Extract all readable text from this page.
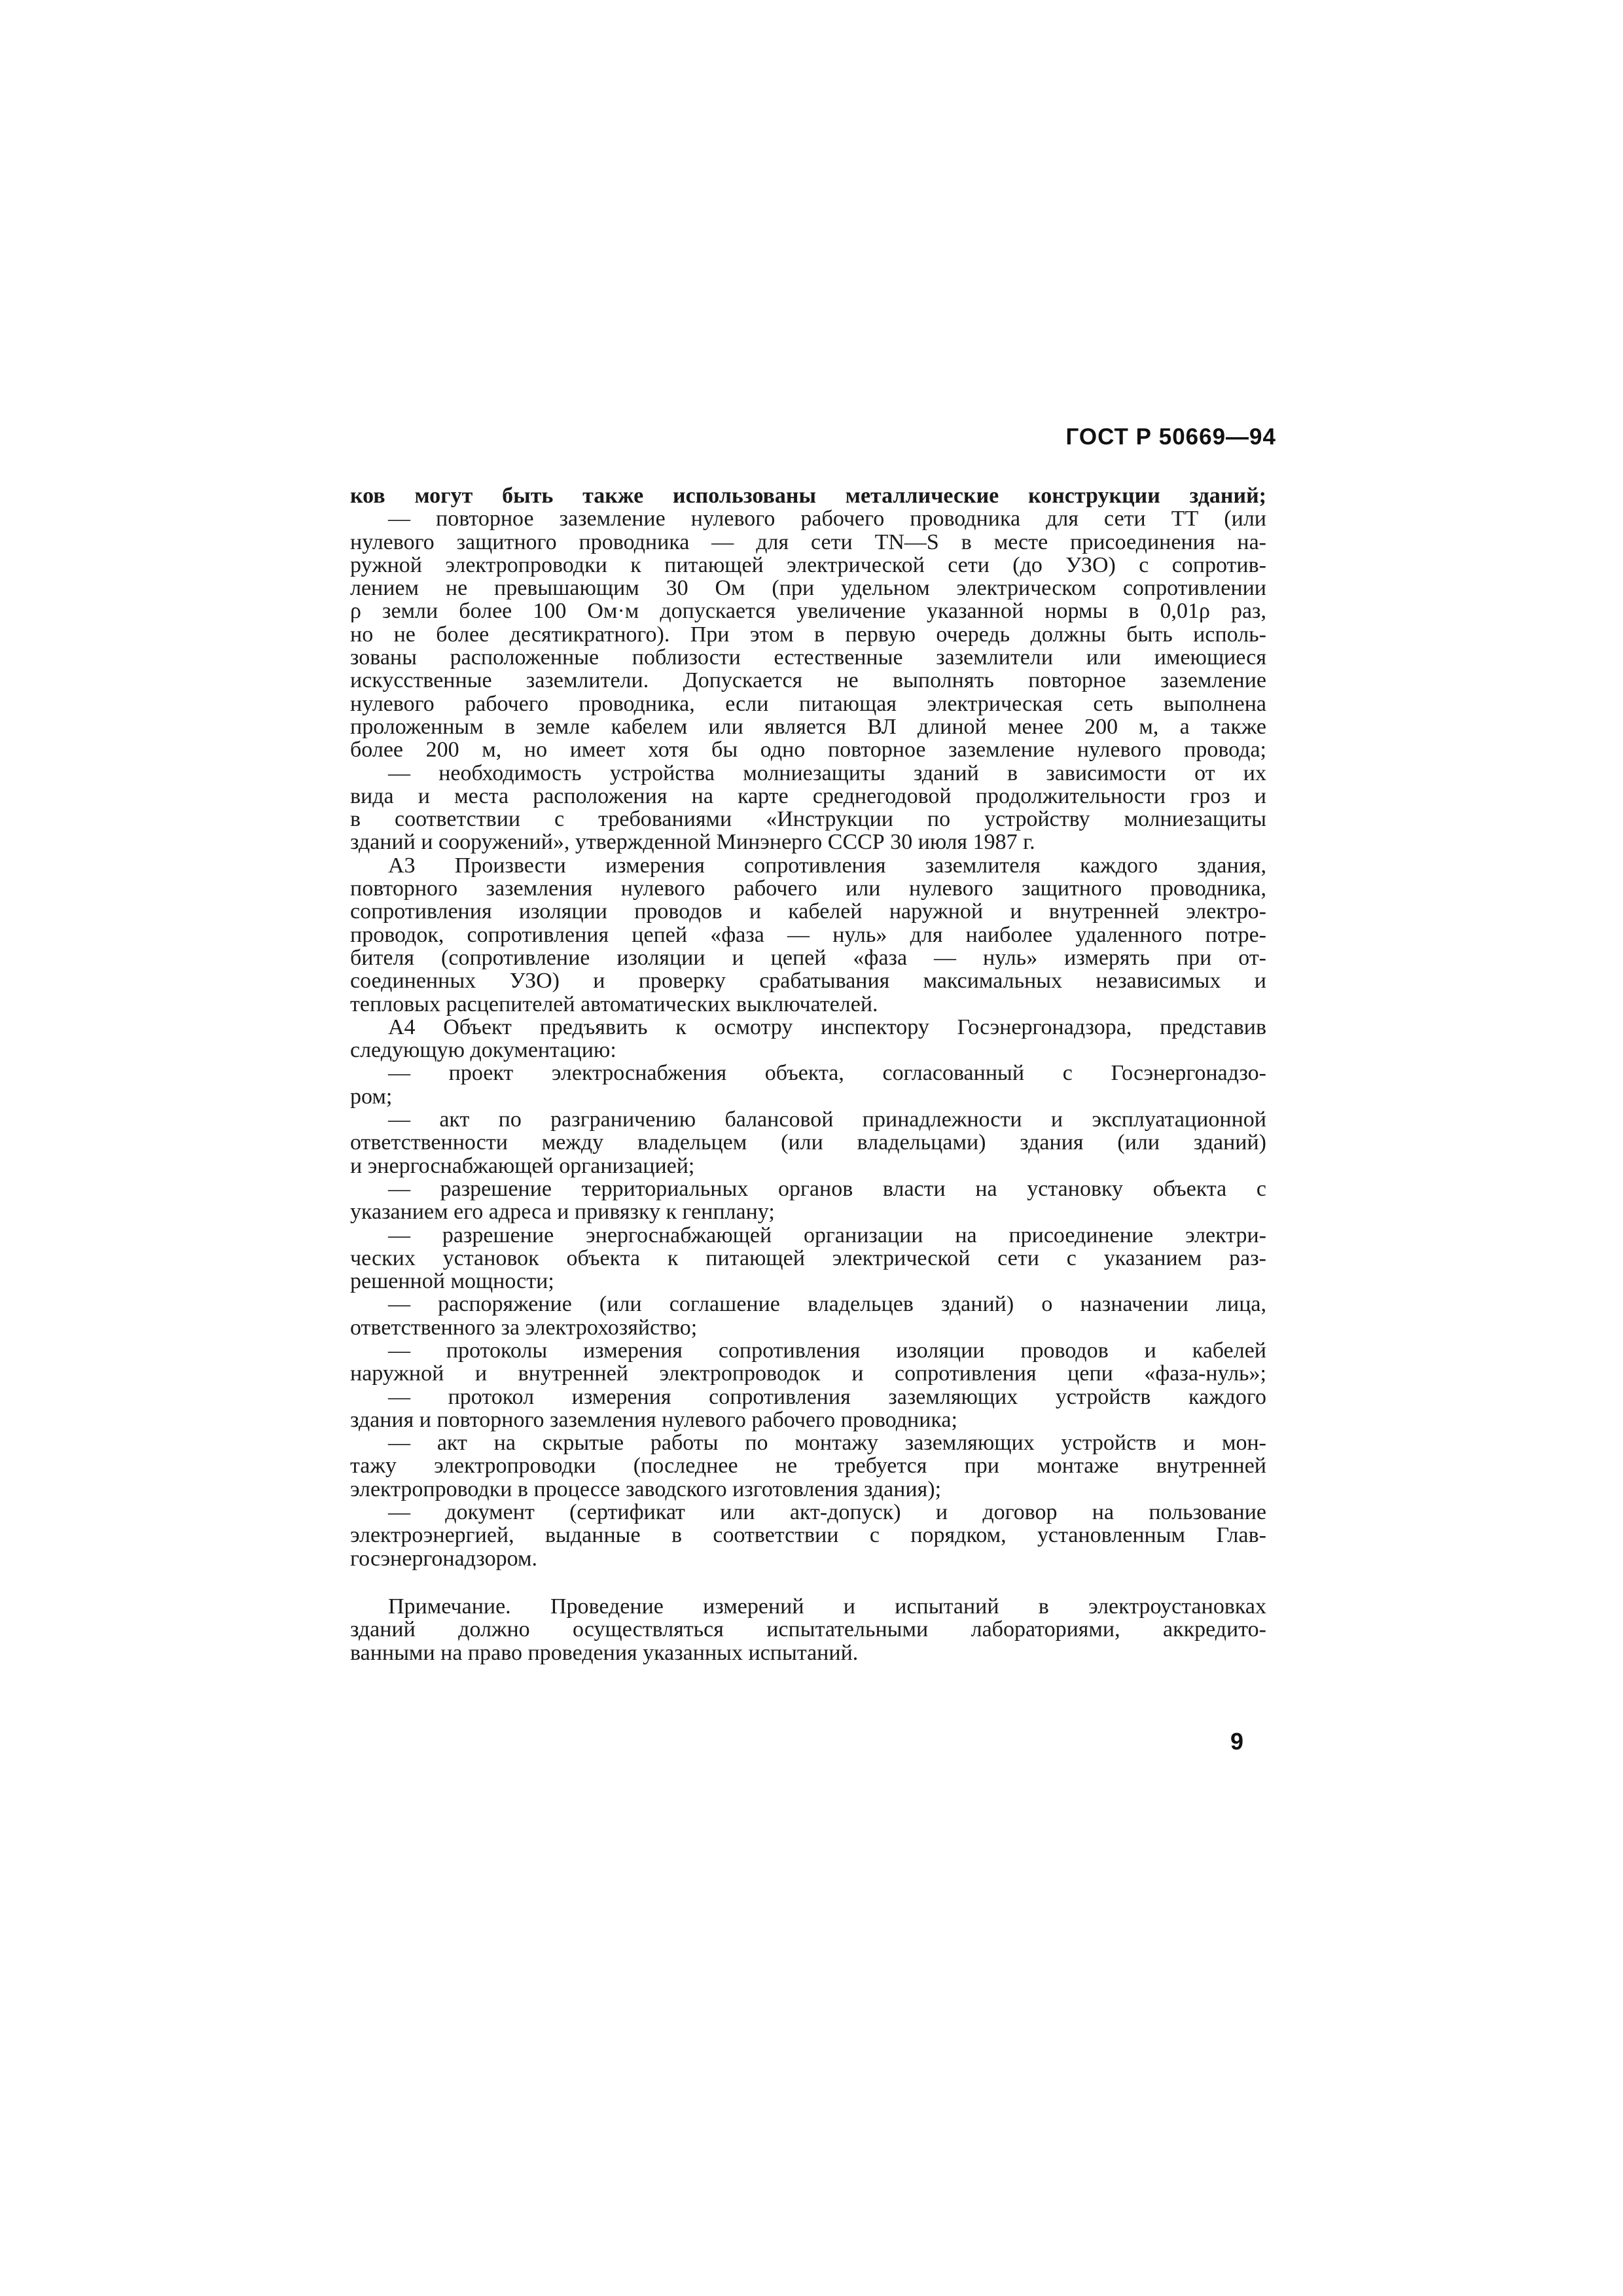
ГОСТ Р 50669—94
ков могут быть также использованы металлические конструкции зданий;
— повторное заземление нулевого рабочего проводника для сети ТТ (или
нулевого защитного проводника — для сети TN—S в месте присоединения на-
ружной электропроводки к питающей электрической сети (до УЗО) с сопротив-
лением не превышающим 30 Ом (при удельном электрическом сопротивлении
ρ земли более 100 Ом·м допускается увеличение указанной нормы в 0,01ρ раз,
но не более десятикратного). При этом в первую очередь должны быть исполь-
зованы расположенные поблизости естественные заземлители или имеющиеся
искусственные заземлители. Допускается не выполнять повторное заземление
нулевого рабочего проводника, если питающая электрическая сеть выполнена
проложенным в земле кабелем или является ВЛ длиной менее 200 м, а также
более 200 м, но имеет хотя бы одно повторное заземление нулевого провода;
— необходимость устройства молниезащиты зданий в зависимости от их
вида и места расположения на карте среднегодовой продолжительности гроз и
в соответствии с требованиями «Инструкции по устройству молниезащиты
зданий и сооружений», утвержденной Минэнерго СССР 30 июля 1987 г.
А3 Произвести измерения сопротивления заземлителя каждого здания,
повторного заземления нулевого рабочего или нулевого защитного проводника,
сопротивления изоляции проводов и кабелей наружной и внутренней электро-
проводок, сопротивления цепей «фаза — нуль» для наиболее удаленного потре-
бителя (сопротивление изоляции и цепей «фаза — нуль» измерять при от-
соединенных УЗО) и проверку срабатывания максимальных независимых и
тепловых расцепителей автоматических выключателей.
А4 Объект предъявить к осмотру инспектору Госэнергонадзора, представив
следующую документацию:
— проект электроснабжения объекта, согласованный с Госэнергонадзо-
ром;
— акт по разграничению балансовой принадлежности и эксплуатационной
ответственности между владельцем (или владельцами) здания (или зданий)
и энергоснабжающей организацией;
— разрешение территориальных органов власти на установку объекта с
указанием его адреса и привязку к генплану;
— разрешение энергоснабжающей организации на присоединение электри-
ческих установок объекта к питающей электрической сети с указанием раз-
решенной мощности;
— распоряжение (или соглашение владельцев зданий) о назначении лица,
ответственного за электрохозяйство;
— протоколы измерения сопротивления изоляции проводов и кабелей
наружной и внутренней электропроводок и сопротивления цепи «фаза-нуль»;
— протокол измерения сопротивления заземляющих устройств каждого
здания и повторного заземления нулевого рабочего проводника;
— акт на скрытые работы по монтажу заземляющих устройств и мон-
тажу электропроводки (последнее не требуется при монтаже внутренней
электропроводки в процессе заводского изготовления здания);
— документ (сертификат или акт-допуск) и договор на пользование
электроэнергией, выданные в соответствии с порядком, установленным Глав-
госэнергонадзором.
Примечание. Проведение измерений и испытаний в электроустановках
зданий должно осуществляться испытательными лабораториями, аккредито-
ванными на право проведения указанных испытаний.
9
